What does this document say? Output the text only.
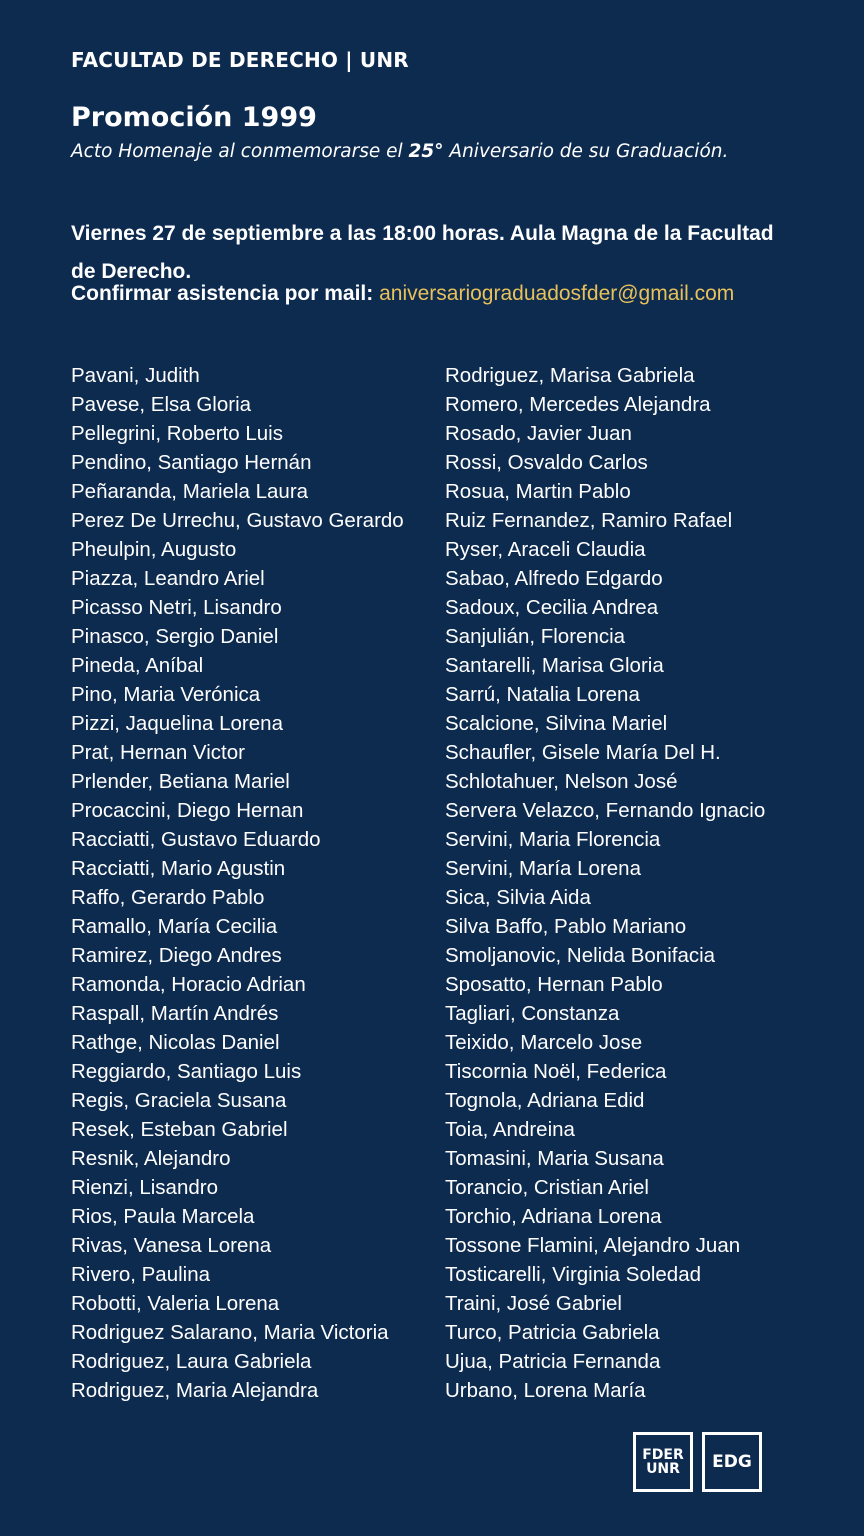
FACULTAD DE DERECHO | UNR
Promoción 1999
Acto Homenaje al conmemorarse el 25° Aniversario de su Graduación.
Viernes 27 de septiembre a las 18:00 horas. Aula Magna de la Facultad de Derecho.
Confirmar asistencia por mail: aniversariograduadosfder@gmail.com
Pavani, Judith
Pavese, Elsa Gloria
Pellegrini, Roberto Luis
Pendino, Santiago Hernán
Peñaranda, Mariela Laura
Perez De Urrechu, Gustavo Gerardo
Pheulpin, Augusto
Piazza, Leandro Ariel
Picasso Netri, Lisandro
Pinasco, Sergio Daniel
Pineda, Aníbal
Pino, Maria Verónica
Pizzi, Jaquelina Lorena
Prat, Hernan Victor
Prlender, Betiana Mariel
Procaccini, Diego Hernan
Racciatti, Gustavo Eduardo
Racciatti, Mario Agustin
Raffo, Gerardo Pablo
Ramallo, María Cecilia
Ramirez, Diego Andres
Ramonda, Horacio Adrian
Raspall, Martín Andrés
Rathge, Nicolas Daniel
Reggiardo, Santiago Luis
Regis, Graciela Susana
Resek, Esteban Gabriel
Resnik, Alejandro
Rienzi, Lisandro
Rios, Paula Marcela
Rivas, Vanesa Lorena
Rivero, Paulina
Robotti, Valeria Lorena
Rodriguez Salarano, Maria Victoria
Rodriguez, Laura Gabriela
Rodriguez, Maria Alejandra
Rodriguez, Marisa Gabriela
Romero, Mercedes Alejandra
Rosado, Javier Juan
Rossi, Osvaldo Carlos
Rosua, Martin Pablo
Ruiz Fernandez, Ramiro Rafael
Ryser, Araceli Claudia
Sabao, Alfredo Edgardo
Sadoux, Cecilia Andrea
Sanjulián, Florencia
Santarelli, Marisa Gloria
Sarrú, Natalia Lorena
Scalcione, Silvina Mariel
Schaufler, Gisele María Del H.
Schlotahuer, Nelson José
Servera Velazco, Fernando Ignacio
Servini, Maria Florencia
Servini, María Lorena
Sica, Silvia Aida
Silva Baffo, Pablo Mariano
Smoljanovic, Nelida Bonifacia
Sposatto, Hernan Pablo
Tagliari, Constanza
Teixido, Marcelo Jose
Tiscornia Noël, Federica
Tognola, Adriana Edid
Toia, Andreina
Tomasini, Maria Susana
Torancio, Cristian Ariel
Torchio, Adriana Lorena
Tossone Flamini, Alejandro Juan
Tosticarelli, Virginia Soledad
Traini, José Gabriel
Turco, Patricia Gabriela
Ujua, Patricia Fernanda
Urbano, Lorena María
FDER
UNR EDG
